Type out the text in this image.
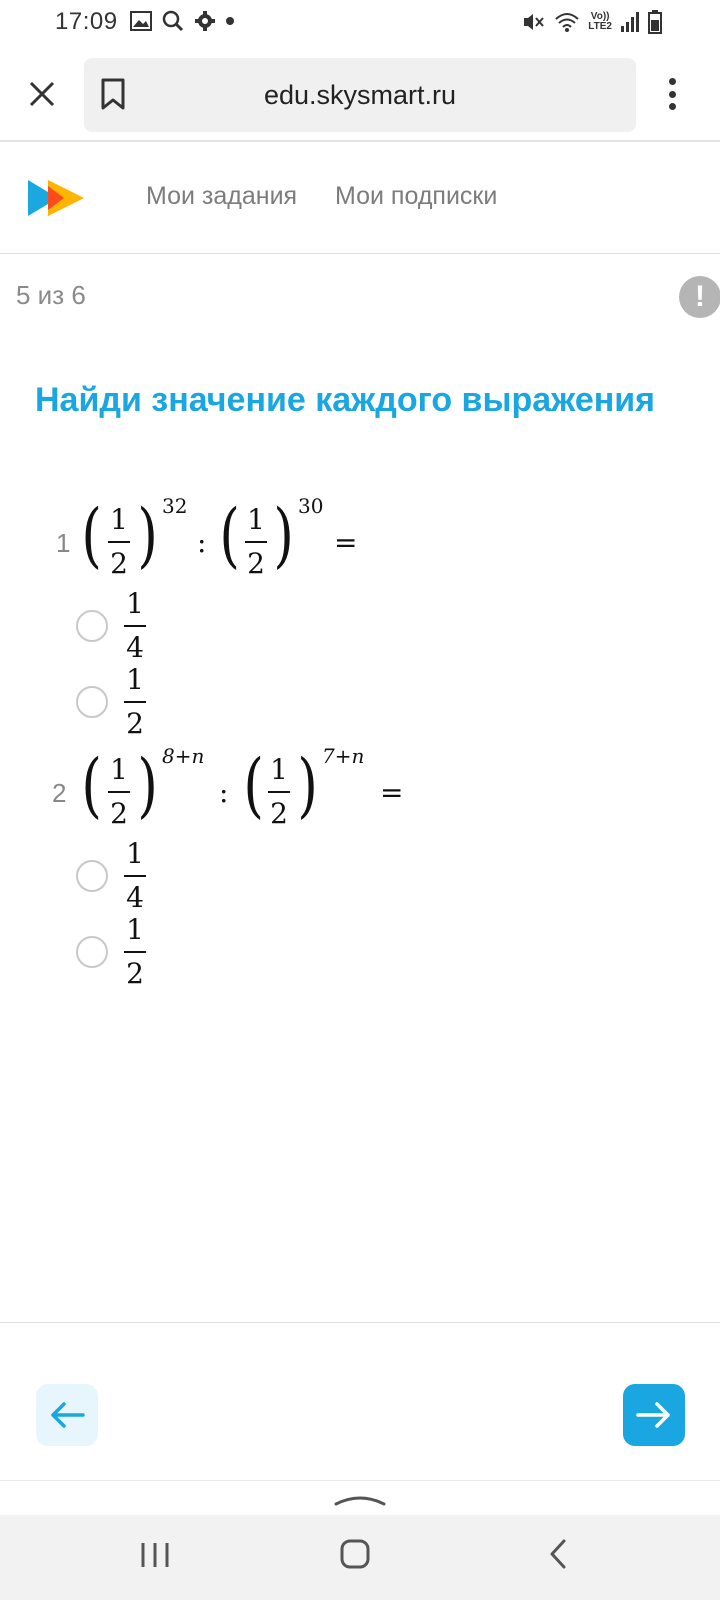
17:09	Vo))
LTE2
edu.skysmart.ru
Мои задания Мои подписки
5 из 6	!
Найди значение каждого выражения
1 ( 1
2 ) 32
: ( 1
2 ) 30
=
1
4
1
2
2 ( 1
2 ) 8+n
: ( 1
2 ) 7+n
=
1
4
1
2
